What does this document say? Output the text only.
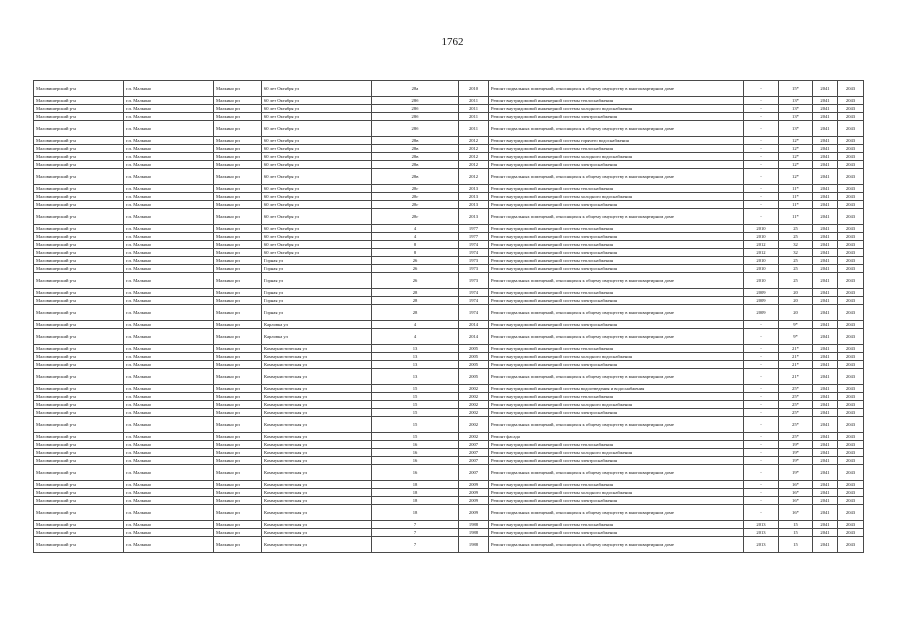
1762
Маловишерский р-н	г.п. Малкино	Малкино рп	60 лет Октября ул	28а	2010	Ремонт подвальных помещений, относящихся к общему имуществу в многоквартирном доме	-	15*	2041	2043
Маловишерский р-н	г.п. Малкино	Малкино рп	60 лет Октября ул	28б	2011	Ремонт внутридомовой инженерной системы теплоснабжения	-	13*	2041	2043
Маловишерский р-н	г.п. Малкино	Малкино рп	60 лет Октября ул	28б	2011	Ремонт внутридомовой инженерной системы холодного водоснабжения	-	13*	2041	2043
Маловишерский р-н	г.п. Малкино	Малкино рп	60 лет Октября ул	28б	2011	Ремонт внутридомовой инженерной системы электроснабжения	-	13*	2041	2043
Маловишерский р-н	г.п. Малкино	Малкино рп	60 лет Октября ул	28б	2011	Ремонт подвальных помещений, относящихся к общему имуществу в многоквартирном доме	-	13*	2041	2043
Маловишерский р-н	г.п. Малкино	Малкино рп	60 лет Октября ул	28в	2012	Ремонт внутридомовой инженерной системы горячего водоснабжения	-	12*	2041	2043
Маловишерский р-н	г.п. Малкино	Малкино рп	60 лет Октября ул	28в	2012	Ремонт внутридомовой инженерной системы теплоснабжения	-	12*	2041	2043
Маловишерский р-н	г.п. Малкино	Малкино рп	60 лет Октября ул	28в	2012	Ремонт внутридомовой инженерной системы холодного водоснабжения	-	12*	2041	2043
Маловишерский р-н	г.п. Малкино	Малкино рп	60 лет Октября ул	28в	2012	Ремонт внутридомовой инженерной системы электроснабжения	-	12*	2041	2043
Маловишерский р-н	г.п. Малкино	Малкино рп	60 лет Октября ул	28в	2012	Ремонт подвальных помещений, относящихся к общему имуществу в многоквартирном доме	-	12*	2041	2043
Маловишерский р-н	г.п. Малкино	Малкино рп	60 лет Октября ул	28г	2013	Ремонт внутридомовой инженерной системы теплоснабжения	-	11*	2041	2043
Маловишерский р-н	г.п. Малкино	Малкино рп	60 лет Октября ул	28г	2013	Ремонт внутридомовой инженерной системы холодного водоснабжения	-	11*	2041	2043
Маловишерский р-н	г.п. Малкино	Малкино рп	60 лет Октября ул	28г	2013	Ремонт внутридомовой инженерной системы электроснабжения	-	11*	2041	2043
Маловишерский р-н	г.п. Малкино	Малкино рп	60 лет Октября ул	28г	2013	Ремонт подвальных помещений, относящихся к общему имуществу в многоквартирном доме	-	11*	2041	2043
Маловишерский р-н	г.п. Малкино	Малкино рп	60 лет Октября ул	4	1977	Ремонт внутридомовой инженерной системы теплоснабжения	2010	25	2041	2043
Маловишерский р-н	г.п. Малкино	Малкино рп	60 лет Октября ул	4	1977	Ремонт внутридомовой инженерной системы электроснабжения	2010	25	2041	2043
Маловишерский р-н	г.п. Малкино	Малкино рп	60 лет Октября ул	8	1974	Ремонт внутридомовой инженерной системы теплоснабжения	2012	32	2041	2043
Маловишерский р-н	г.п. Малкино	Малкино рп	60 лет Октября ул	8	1974	Ремонт внутридомовой инженерной системы электроснабжения	2012	32	2041	2043
Маловишерский р-н	г.п. Малкино	Малкино рп	Горная ул	26	1973	Ремонт внутридомовой инженерной системы теплоснабжения	2010	25	2041	2043
Маловишерский р-н	г.п. Малкино	Малкино рп	Горная ул	26	1973	Ремонт внутридомовой инженерной системы электроснабжения	2010	25	2041	2043
Маловишерский р-н	г.п. Малкино	Малкино рп	Горная ул	26	1973	Ремонт подвальных помещений, относящихся к общему имуществу в многоквартирном доме	2010	25	2041	2043
Маловишерский р-н	г.п. Малкино	Малкино рп	Горная ул	28	1974	Ремонт внутридомовой инженерной системы теплоснабжения	2009	20	2041	2043
Маловишерский р-н	г.п. Малкино	Малкино рп	Горная ул	28	1974	Ремонт внутридомовой инженерной системы электроснабжения	2009	20	2041	2043
Маловишерский р-н	г.п. Малкино	Малкино рп	Горная ул	28	1974	Ремонт подвальных помещений, относящихся к общему имуществу в многоквартирном доме	2009	20	2041	2043
Маловишерский р-н	г.п. Малкино	Малкино рп	Карловка ул	4	2014	Ремонт внутридомовой инженерной системы электроснабжения	-	9*	2041	2043
Маловишерский р-н	г.п. Малкино	Малкино рп	Карловка ул	4	2014	Ремонт подвальных помещений, относящихся к общему имуществу в многоквартирном доме	-	9*	2041	2043
Маловишерский р-н	г.п. Малкино	Малкино рп	Коммунистическая ул	13	2005	Ремонт внутридомовой инженерной системы теплоснабжения	-	21*	2041	2043
Маловишерский р-н	г.п. Малкино	Малкино рп	Коммунистическая ул	13	2005	Ремонт внутридомовой инженерной системы холодного водоснабжения	-	21*	2041	2043
Маловишерский р-н	г.п. Малкино	Малкино рп	Коммунистическая ул	13	2005	Ремонт внутридомовой инженерной системы электроснабжения	-	21*	2041	2043
Маловишерский р-н	г.п. Малкино	Малкино рп	Коммунистическая ул	13	2005	Ремонт подвальных помещений, относящихся к общему имуществу в многоквартирном доме	-	21*	2041	2043
Маловишерский р-н	г.п. Малкино	Малкино рп	Коммунистическая ул	15	2002	Ремонт внутридомовой инженерной системы водоотведения и водоснабжения	-	25*	2041	2043
Маловишерский р-н	г.п. Малкино	Малкино рп	Коммунистическая ул	15	2002	Ремонт внутридомовой инженерной системы теплоснабжения	-	25*	2041	2043
Маловишерский р-н	г.п. Малкино	Малкино рп	Коммунистическая ул	15	2002	Ремонт внутридомовой инженерной системы холодного водоснабжения	-	25*	2041	2043
Маловишерский р-н	г.п. Малкино	Малкино рп	Коммунистическая ул	15	2002	Ремонт внутридомовой инженерной системы электроснабжения	-	25*	2041	2043
Маловишерский р-н	г.п. Малкино	Малкино рп	Коммунистическая ул	15	2002	Ремонт подвальных помещений, относящихся к общему имуществу в многоквартирном доме	-	25*	2041	2043
Маловишерский р-н	г.п. Малкино	Малкино рп	Коммунистическая ул	15	2002	Ремонт фасада	-	25*	2041	2043
Маловишерский р-н	г.п. Малкино	Малкино рп	Коммунистическая ул	16	2007	Ремонт внутридомовой инженерной системы теплоснабжения	-	19*	2041	2043
Маловишерский р-н	г.п. Малкино	Малкино рп	Коммунистическая ул	16	2007	Ремонт внутридомовой инженерной системы холодного водоснабжения	-	19*	2041	2043
Маловишерский р-н	г.п. Малкино	Малкино рп	Коммунистическая ул	16	2007	Ремонт внутридомовой инженерной системы электроснабжения	-	19*	2041	2043
Маловишерский р-н	г.п. Малкино	Малкино рп	Коммунистическая ул	16	2007	Ремонт подвальных помещений, относящихся к общему имуществу в многоквартирном доме	-	19*	2041	2043
Маловишерский р-н	г.п. Малкино	Малкино рп	Коммунистическая ул	18	2009	Ремонт внутридомовой инженерной системы теплоснабжения	-	16*	2041	2043
Маловишерский р-н	г.п. Малкино	Малкино рп	Коммунистическая ул	18	2009	Ремонт внутридомовой инженерной системы холодного водоснабжения	-	16*	2041	2043
Маловишерский р-н	г.п. Малкино	Малкино рп	Коммунистическая ул	18	2009	Ремонт внутридомовой инженерной системы электроснабжения	-	16*	2041	2043
Маловишерский р-н	г.п. Малкино	Малкино рп	Коммунистическая ул	18	2009	Ремонт подвальных помещений, относящихся к общему имуществу в многоквартирном доме	-	16*	2041	2043
Маловишерский р-н	г.п. Малкино	Малкино рп	Коммунистическая ул	7	1988	Ремонт внутридомовой инженерной системы теплоснабжения	2013	15	2041	2043
Маловишерский р-н	г.п. Малкино	Малкино рп	Коммунистическая ул	7	1988	Ремонт внутридомовой инженерной системы электроснабжения	2013	15	2041	2043
Маловишерский р-н	г.п. Малкино	Малкино рп	Коммунистическая ул	7	1988	Ремонт подвальных помещений, относящихся к общему имуществу в многоквартирном доме	2013	15	2041	2043
